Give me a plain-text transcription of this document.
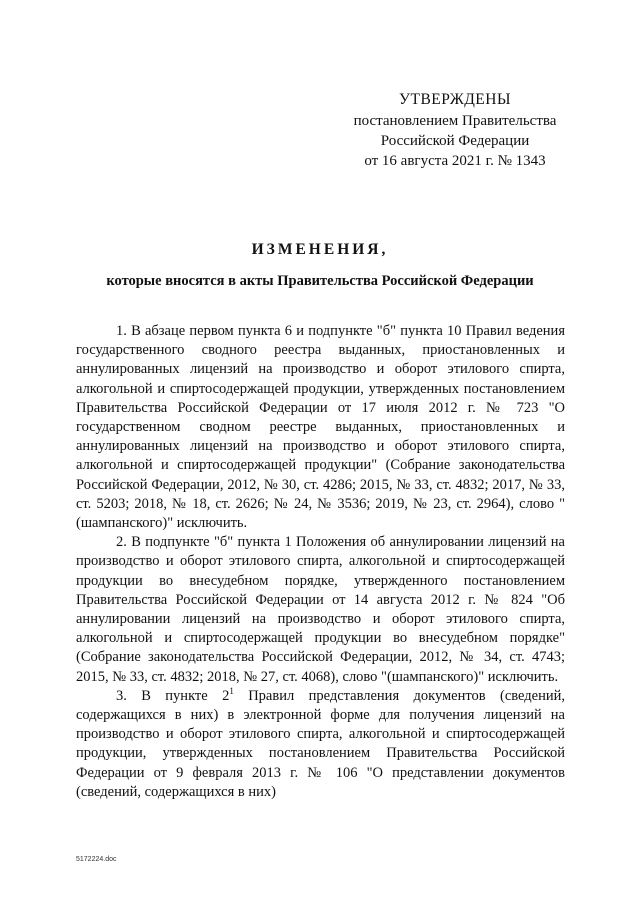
УТВЕРЖДЕНЫ
постановлением Правительства
Российской Федерации
от 16 августа 2021 г. № 1343
ИЗМЕНЕНИЯ,
которые вносятся в акты Правительства Российской Федерации

1. В абзаце первом пункта 6 и подпункте "б" пункта 10 Правил ведения государственного сводного реестра выданных, приостановленных и аннулированных лицензий на производство и оборот этилового спирта, алкогольной и спиртосодержащей продукции, утвержденных постановлением Правительства Российской Федерации от 17 июля 2012 г. № 723 "О государственном сводном реестре выданных, приостановленных и аннулированных лицензий на производство и оборот этилового спирта, алкогольной и спиртосодержащей продукции" (Собрание законодательства Российской Федерации, 2012, № 30, ст. 4286; 2015, № 33, ст. 4832; 2017, № 33, ст. 5203; 2018, № 18, ст. 2626; № 24, № 3536; 2019, № 23, ст. 2964), слово "(шампанского)" исключить.

2. В подпункте "б" пункта 1 Положения об аннулировании лицензий на производство и оборот этилового спирта, алкогольной и спиртосодержащей продукции во внесудебном порядке, утвержденного постановлением Правительства Российской Федерации от 14 августа 2012 г. № 824 "Об аннулировании лицензий на производство и оборот этилового спирта, алкогольной и спиртосодержащей продукции во внесудебном порядке" (Собрание законодательства Российской Федерации, 2012, № 34, ст. 4743; 2015, № 33, ст. 4832; 2018, № 27, ст. 4068), слово "(шампанского)" исключить.

3. В пункте $2^1$ Правил представления документов (сведений, содержащихся в них) в электронной форме для получения лицензий на производство и оборот этилового спирта, алкогольной и спиртосодержащей продукции, утвержденных постановлением Правительства Российской Федерации от 9 февраля 2013 г. № 106 "О представлении документов (сведений, содержащихся в них)

5172224.doc
